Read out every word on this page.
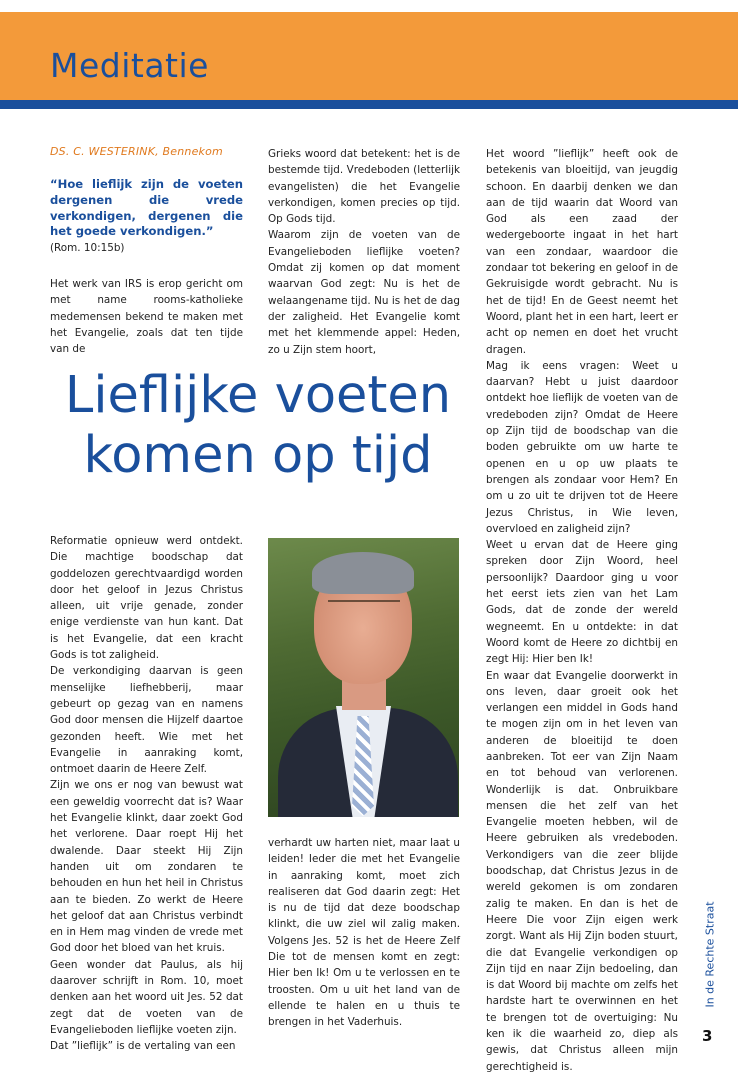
Meditatie
DS. C. WESTERINK, Bennekom
“Hoe lieflijk zijn de voeten dergenen die vrede verkondigen, dergenen die het goede verkondigen.”
(Rom. 10:15b)

Het werk van IRS is erop gericht om met name rooms-katholieke medemensen bekend te maken met het Evangelie, zoals dat ten tijde van de

Lieflijke voeten
komen op tijd

Reformatie opnieuw werd ontdekt. Die machtige boodschap dat goddelozen gerechtvaardigd worden door het geloof in Jezus Christus alleen, uit vrije genade, zonder enige verdienste van hun kant. Dat is het Evangelie, dat een kracht Gods is tot zaligheid.

De verkondiging daarvan is geen menselijke liefhebberij, maar gebeurt op gezag van en namens God door mensen die Hijzelf daartoe gezonden heeft. Wie met het Evangelie in aanraking komt, ontmoet daarin de Heere Zelf.

Zijn we ons er nog van bewust wat een geweldig voorrecht dat is? Waar het Evangelie klinkt, daar zoekt God het verlorene. Daar roept Hij het dwalende. Daar steekt Hij Zijn handen uit om zondaren te behouden en hun het heil in Christus aan te bieden. Zo werkt de Heere het geloof dat aan Christus verbindt en in Hem mag vinden de vrede met God door het bloed van het kruis.

Geen wonder dat Paulus, als hij daarover schrijft in Rom. 10, moet denken aan het woord uit Jes. 52 dat zegt dat de voeten van de Evangelieboden lieflijke voeten zijn.

Dat ”lieflijk” is de vertaling van een

Grieks woord dat betekent: het is de bestemde tijd. Vredeboden (letterlijk evangelisten) die het Evangelie verkondigen, komen precies op tijd. Op Gods tijd.

Waarom zijn de voeten van de Evangelieboden lieflijke voeten? Omdat zij komen op dat moment waarvan God zegt: Nu is het de welaangename tijd. Nu is het de dag der zaligheid. Het Evangelie komt met het klemmende appel: Heden, zo u Zijn stem hoort,

verhardt uw harten niet, maar laat u leiden! Ieder die met het Evangelie in aanraking komt, moet zich realiseren dat God daarin zegt: Het is nu de tijd dat deze boodschap klinkt, die uw ziel wil zalig maken. Volgens Jes. 52 is het de Heere Zelf Die tot de mensen komt en zegt: Hier ben Ik! Om u te verlossen en te troosten. Om u uit het land van de ellende te halen en u thuis te brengen in het Vaderhuis.

Het woord ”lieflijk” heeft ook de betekenis van bloeitijd, van jeugdig schoon. En daarbij denken we dan aan de tijd waarin dat Woord van God als een zaad der wedergeboorte ingaat in het hart van een zondaar, waardoor die zondaar tot bekering en geloof in de Gekruisigde wordt gebracht. Nu is het de tijd! En de Geest neemt het Woord, plant het in een hart, leert er acht op nemen en doet het vrucht dragen.

Mag ik eens vragen: Weet u daarvan? Hebt u juist daardoor ontdekt hoe lieflijk de voeten van de vredeboden zijn? Omdat de Heere op Zijn tijd de boodschap van die boden gebruikte om uw harte te openen en u op uw plaats te brengen als zondaar voor Hem? En om u zo uit te drijven tot de Heere Jezus Christus, in Wie leven, overvloed en zaligheid zijn?

Weet u ervan dat de Heere ging spreken door Zijn Woord, heel persoonlijk? Daardoor ging u voor het eerst iets zien van het Lam Gods, dat de zonde der wereld wegneemt. En u ontdekte: in dat Woord komt de Heere zo dichtbij en zegt Hij: Hier ben Ik!

En waar dat Evangelie doorwerkt in ons leven, daar groeit ook het verlangen een middel in Gods hand te mogen zijn om in het leven van anderen de bloeitijd te doen aanbreken. Tot eer van Zijn Naam en tot behoud van verlorenen. Wonderlijk is dat. Onbruikbare mensen die het zelf van het Evangelie moeten hebben, wil de Heere gebruiken als vredeboden. Verkondigers van die zeer blijde boodschap, dat Christus Jezus in de wereld gekomen is om zondaren zalig te maken. En dan is het de Heere Die voor Zijn eigen werk zorgt. Want als Hij Zijn boden stuurt, die dat Evangelie verkondigen op Zijn tijd en naar Zijn bedoeling, dan is dat Woord bij machte om zelfs het hardste hart te overwinnen en het te brengen tot de overtuiging: Nu ken ik die waarheid zo, diep als gewis, dat Christus alleen mijn gerechtigheid is.

In de Rechte Straat
3
